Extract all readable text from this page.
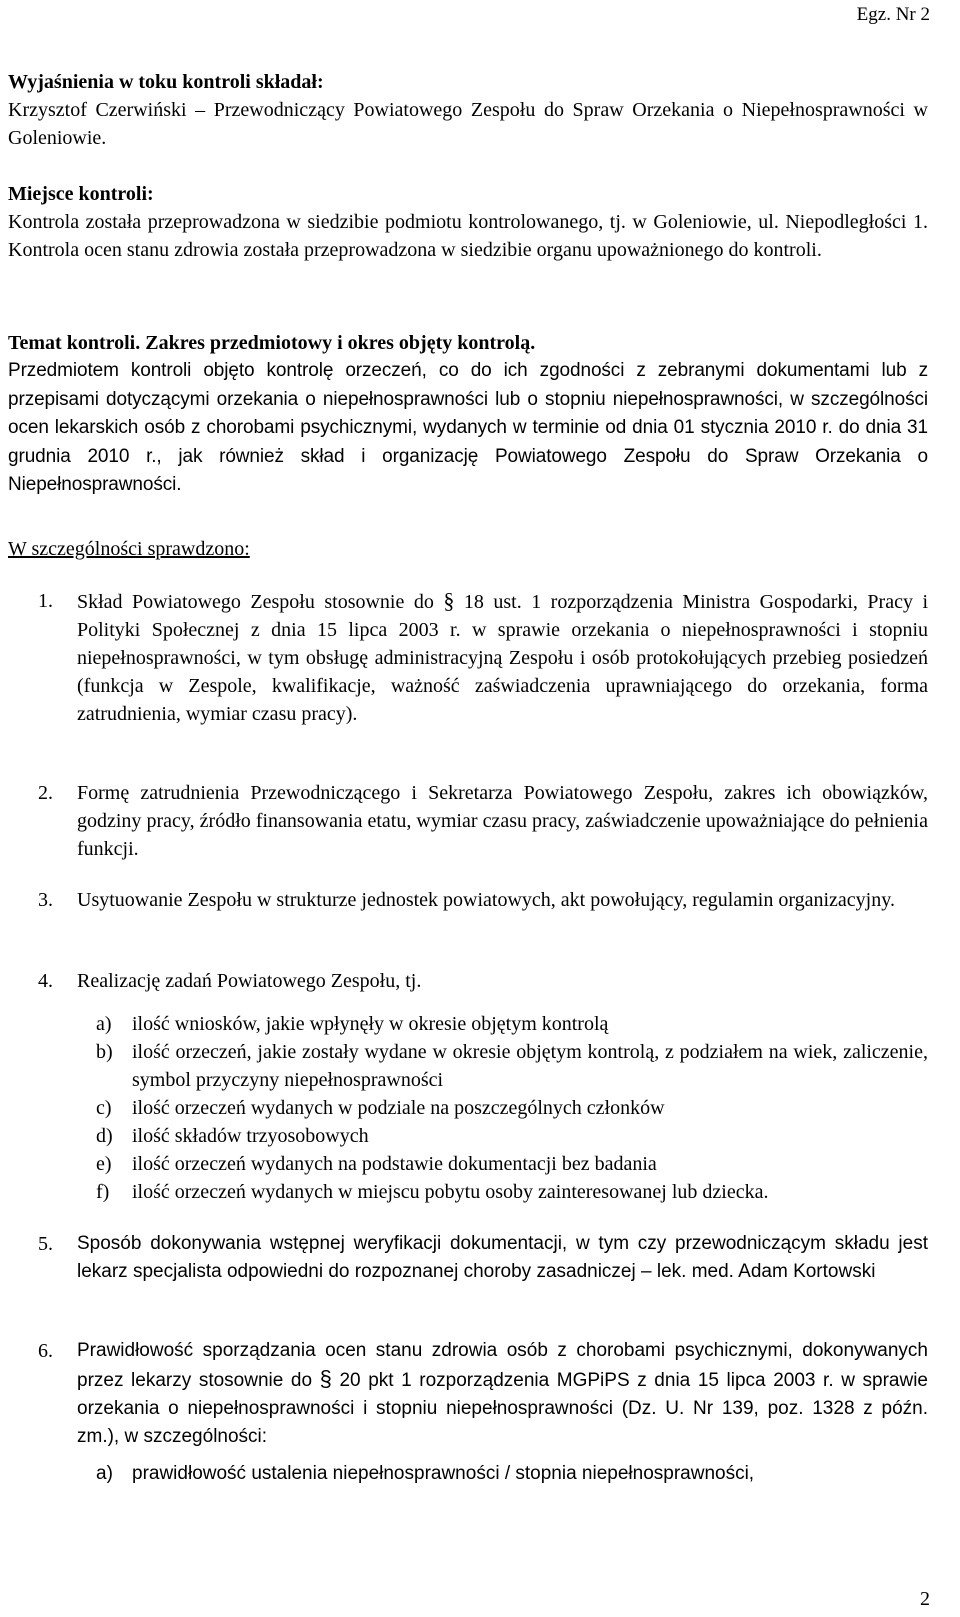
Egz. Nr 2

Wyjaśnienia w toku kontroli składał:

Krzysztof Czerwiński – Przewodniczący Powiatowego Zespołu do Spraw Orzekania o Niepełnosprawności w Goleniowie.

Miejsce kontroli:

Kontrola została przeprowadzona w siedzibie podmiotu kontrolowanego, tj. w Goleniowie, ul. Niepodległości 1. Kontrola ocen stanu zdrowia została przeprowadzona w siedzibie organu upoważnionego do kontroli.

Temat kontroli. Zakres przedmiotowy i okres objęty kontrolą.

Przedmiotem kontroli objęto kontrolę orzeczeń, co do ich zgodności z zebranymi dokumentami lub z przepisami dotyczącymi orzekania o niepełnosprawności lub o stopniu niepełnosprawności, w szczególności ocen lekarskich osób z chorobami psychicznymi, wydanych w terminie od dnia 01 stycznia 2010 r. do dnia 31 grudnia 2010 r., jak również skład i organizację Powiatowego Zespołu do Spraw Orzekania o Niepełnosprawności.

W szczególności sprawdzono:

1. Skład Powiatowego Zespołu stosownie do § 18 ust. 1 rozporządzenia Ministra Gospodarki, Pracy i Polityki Społecznej z dnia 15 lipca 2003 r. w sprawie orzekania o niepełnosprawności i stopniu niepełnosprawności, w tym obsługę administracyjną Zespołu i osób protokołujących przebieg posiedzeń (funkcja w Zespole, kwalifikacje, ważność zaświadczenia uprawniającego do orzekania, forma zatrudnienia, wymiar czasu pracy).
2. Formę zatrudnienia Przewodniczącego i Sekretarza Powiatowego Zespołu, zakres ich obowiązków, godziny pracy, źródło finansowania etatu, wymiar czasu pracy, zaświadczenie upoważniające do pełnienia funkcji.
3. Usytuowanie Zespołu w strukturze jednostek powiatowych, akt powołujący, regulamin organizacyjny.
4. Realizację zadań Powiatowego Zespołu, tj.
a) ilość wniosków, jakie wpłynęły w okresie objętym kontrolą
b) ilość orzeczeń, jakie zostały wydane w okresie objętym kontrolą, z podziałem na wiek, zaliczenie, symbol przyczyny niepełnosprawności
c) ilość orzeczeń wydanych w podziale na poszczególnych członków
d) ilość składów trzyosobowych
e) ilość orzeczeń wydanych na podstawie dokumentacji bez badania
f) ilość orzeczeń wydanych w miejscu pobytu osoby zainteresowanej lub dziecka.
5. Sposób dokonywania wstępnej weryfikacji dokumentacji, w tym czy przewodniczącym składu jest lekarz specjalista odpowiedni do rozpoznanej choroby zasadniczej – lek. med. Adam Kortowski
6. Prawidłowość sporządzania ocen stanu zdrowia osób z chorobami psychicznymi, dokonywanych przez lekarzy stosownie do § 20 pkt 1 rozporządzenia MGPiPS z dnia 15 lipca 2003 r. w sprawie orzekania o niepełnosprawności i stopniu niepełnosprawności (Dz. U. Nr 139, poz. 1328 z późn. zm.), w szczególności:
a) prawidłowość ustalenia niepełnosprawności / stopnia niepełnosprawności,
2
